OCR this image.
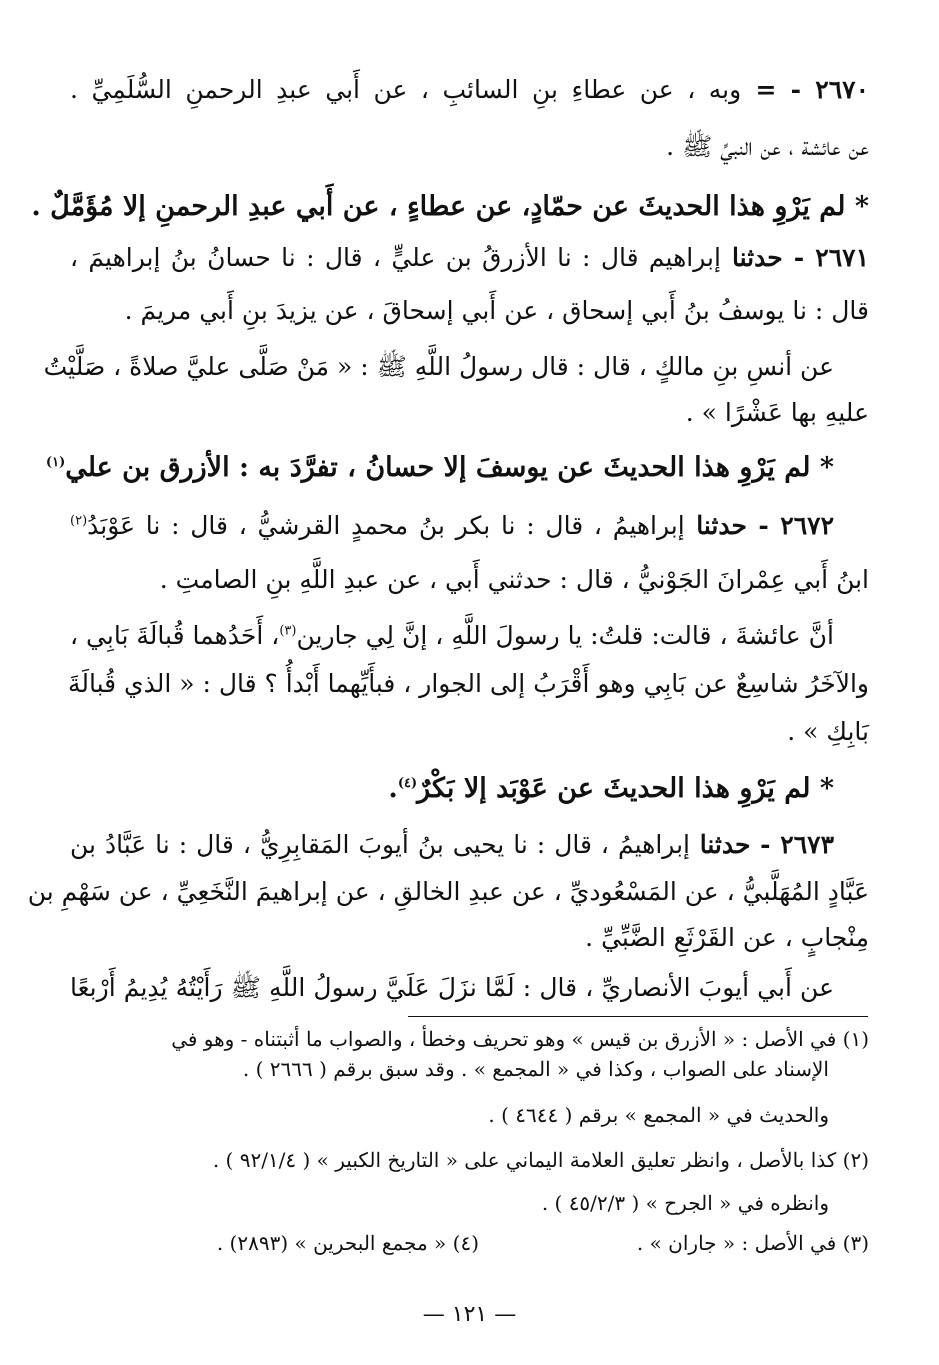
٢٦٧٠ - = وبه ، عن عطاءِ بنِ السائبِ ، عن أَبي عبدِ الرحمنِ السُّلَمِيِّ .
عن عائشة ، عن النبيِّ ﷺ .
* لم يَرْوِ هذا الحديثَ عن حمّادٍ، عن عطاءٍ ، عن أَبي عبدِ الرحمنِ إلا مُؤَمَّلٌ .
٢٦٧١ - حدثنا إبراهيم قال : نا الأزرقُ بن عليٍّ ، قال : نا حسانُ بنُ إبراهيمَ ،
قال : نا يوسفُ بنُ أَبي إسحاق ، عن أَبي إسحاقَ ، عن يزيدَ بنِ أَبي مريمَ .
عن أنسِ بنِ مالكٍ ، قال : قال رسولُ اللَّهِ ﷺ : « مَنْ صَلَّى عليَّ صلاةً ، صَلَّيْتُ
عليهِ بها عَشْرًا » .
* لم يَرْوِ هذا الحديثَ عن يوسفَ إلا حسانُ ، تفرَّدَ به : الأزرق بن علي$^{(١)}$
٢٦٧٢ - حدثنا إبراهيمُ ، قال : نا بكر بنُ محمدٍ القرشيُّ ، قال : نا عَوْبَدُ$^{(٢)}$
ابنُ أَبي عِمْرانَ الجَوْنيُّ ، قال : حدثني أَبي ، عن عبدِ اللَّهِ بنِ الصامتِ .
أنَّ عائشةَ ، قالت: قلتُ: يا رسولَ اللَّهِ ، إنَّ لِي جارين$^{(٣)}$، أَحَدُهما قُبالَةَ بَابِي ،
والآخَرُ شاسِعٌ عن بَابِي وهو أَقْرَبُ إلى الجوار ، فبأَيِّهما أَبْدأُ ؟ قال : « الذي قُبالَةَ
بَابِكِ » .
* لم يَرْوِ هذا الحديثَ عن عَوْبَد إلا بَكْرٌ$^{(٤)}$.
٢٦٧٣ - حدثنا إبراهيمُ ، قال : نا يحيى بنُ أيوبَ المَقابِرِيُّ ، قال : نا عَبَّادُ بن
عَبَّادٍ المُهَلَّبيُّ ، عن المَسْعُوديِّ ، عن عبدِ الخالقِ ، عن إبراهيمَ النَّخَعِيِّ ، عن سَهْمِ بن
مِنْجابٍ ، عن القَرْثَعِ الضَّبِّيِّ .
عن أَبي أيوبَ الأنصاريِّ ، قال : لَمَّا نزَلَ عَلَيَّ رسولُ اللَّهِ ﷺ رَأَيْتُهُ يُدِيمُ أَرْبعًا
(١) في الأصل : « الأزرق بن قيس » وهو تحريف وخطأ ، والصواب ما أثبتناه - وهو في
الإسناد على الصواب ، وكذا في « المجمع » . وقد سبق برقم ( ٢٦٦٦ ) .
والحديث في « المجمع » برقم ( ٤٦٤٤ ) .
(٢) كذا بالأصل ، وانظر تعليق العلامة اليماني على « التاريخ الكبير » ( ٩٢/١/٤ ) .
وانظره في « الجرح » ( ٤٥/٢/٣ ) .
(٣) في الأصل : « جاران » .
(٤) « مجمع البحرين » (٢٨٩٣) .
— ١٢١ —
